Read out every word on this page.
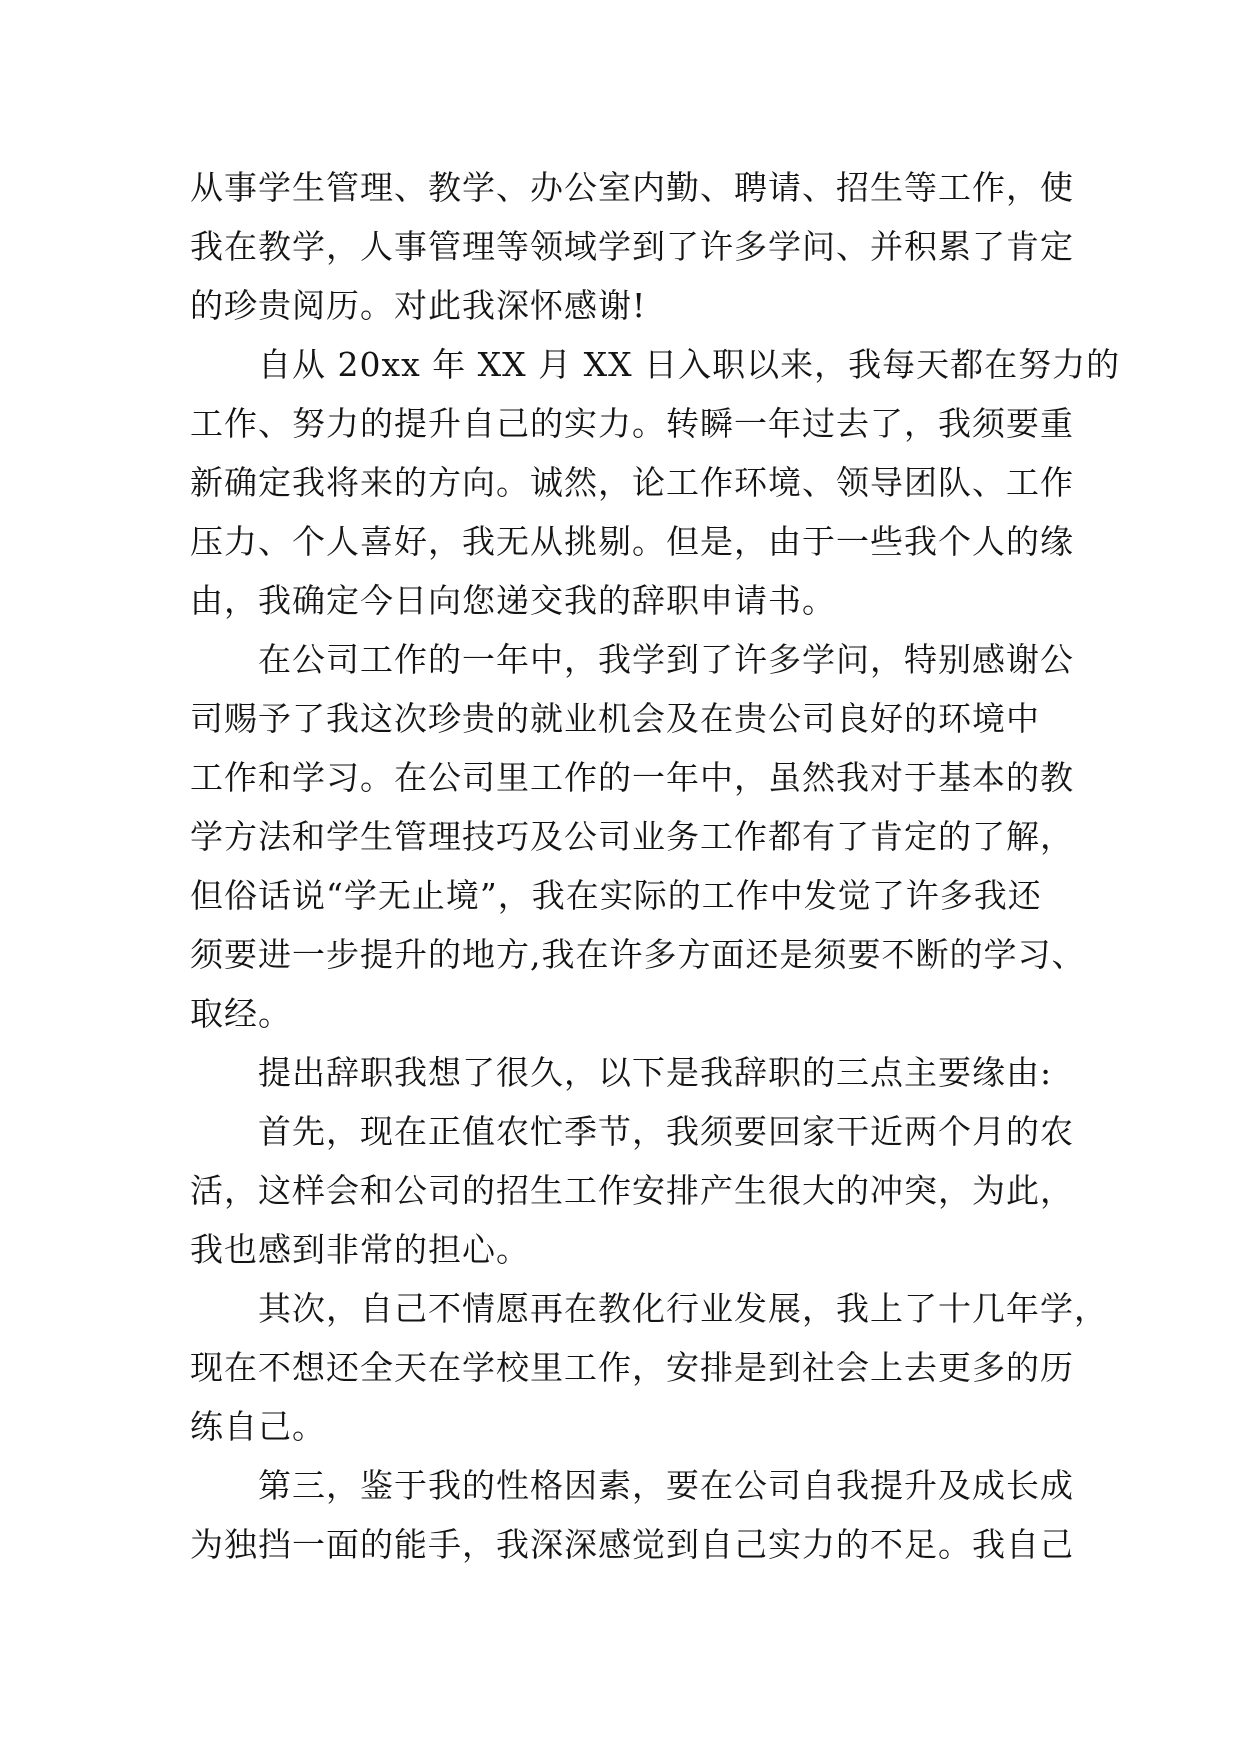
从事学生管理、教学、办公室内勤、聘请、招生等工作，使
我在教学，人事管理等领域学到了许多学问、并积累了肯定
的珍贵阅历。对此我深怀感谢!

自从 20xx 年 XX 月 XX 日入职以来，我每天都在努力的
工作、努力的提升自己的实力。转瞬一年过去了，我须要重
新确定我将来的方向。诚然，论工作环境、领导团队、工作
压力、个人喜好，我无从挑剔。但是，由于一些我个人的缘
由，我确定今日向您递交我的辞职申请书。

在公司工作的一年中，我学到了许多学问，特别感谢公
司赐予了我这次珍贵的就业机会及在贵公司良好的环境中
工作和学习。在公司里工作的一年中，虽然我对于基本的教
学方法和学生管理技巧及公司业务工作都有了肯定的了解，
但俗话说“学无止境”，我在实际的工作中发觉了许多我还
须要进一步提升的地方,我在许多方面还是须要不断的学习、
取经。

提出辞职我想了很久，以下是我辞职的三点主要缘由:

首先，现在正值农忙季节，我须要回家干近两个月的农
活，这样会和公司的招生工作安排产生很大的冲突，为此，
我也感到非常的担心。

其次，自己不情愿再在教化行业发展，我上了十几年学，
现在不想还全天在学校里工作，安排是到社会上去更多的历
练自己。

第三，鉴于我的性格因素，要在公司自我提升及成长成
为独挡一面的能手，我深深感觉到自己实力的不足。我自己
